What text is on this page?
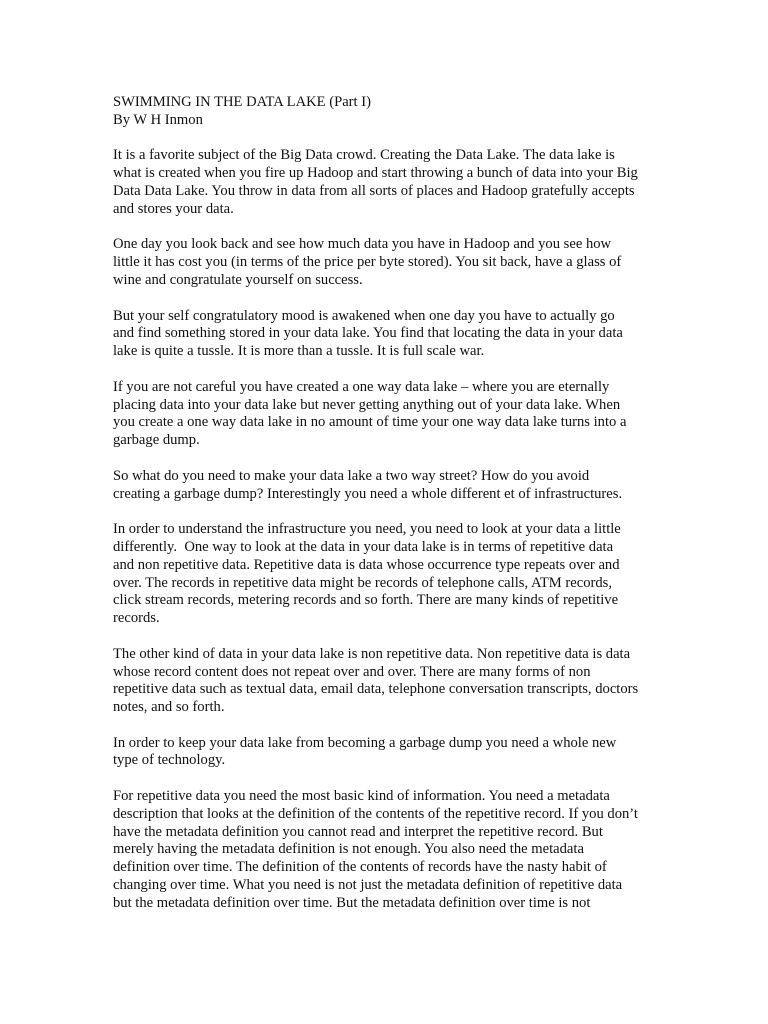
SWIMMING IN THE DATA LAKE (Part I)
By W H Inmon
It is a favorite subject of the Big Data crowd. Creating the Data Lake. The data lake is
what is created when you fire up Hadoop and start throwing a bunch of data into your Big
Data Data Lake. You throw in data from all sorts of places and Hadoop gratefully accepts
and stores your data.
One day you look back and see how much data you have in Hadoop and you see how
little it has cost you (in terms of the price per byte stored). You sit back, have a glass of
wine and congratulate yourself on success.
But your self congratulatory mood is awakened when one day you have to actually go
and find something stored in your data lake. You find that locating the data in your data
lake is quite a tussle. It is more than a tussle. It is full scale war.
If you are not careful you have created a one way data lake – where you are eternally
placing data into your data lake but never getting anything out of your data lake. When
you create a one way data lake in no amount of time your one way data lake turns into a
garbage dump.
So what do you need to make your data lake a two way street? How do you avoid
creating a garbage dump? Interestingly you need a whole different et of infrastructures.
In order to understand the infrastructure you need, you need to look at your data a little
differently.  One way to look at the data in your data lake is in terms of repetitive data
and non repetitive data. Repetitive data is data whose occurrence type repeats over and
over. The records in repetitive data might be records of telephone calls, ATM records,
click stream records, metering records and so forth. There are many kinds of repetitive
records.
The other kind of data in your data lake is non repetitive data. Non repetitive data is data
whose record content does not repeat over and over. There are many forms of non
repetitive data such as textual data, email data, telephone conversation transcripts, doctors
notes, and so forth.
In order to keep your data lake from becoming a garbage dump you need a whole new
type of technology.
For repetitive data you need the most basic kind of information. You need a metadata
description that looks at the definition of the contents of the repetitive record. If you don’t
have the metadata definition you cannot read and interpret the repetitive record. But
merely having the metadata definition is not enough. You also need the metadata
definition over time. The definition of the contents of records have the nasty habit of
changing over time. What you need is not just the metadata definition of repetitive data
but the metadata definition over time. But the metadata definition over time is not
